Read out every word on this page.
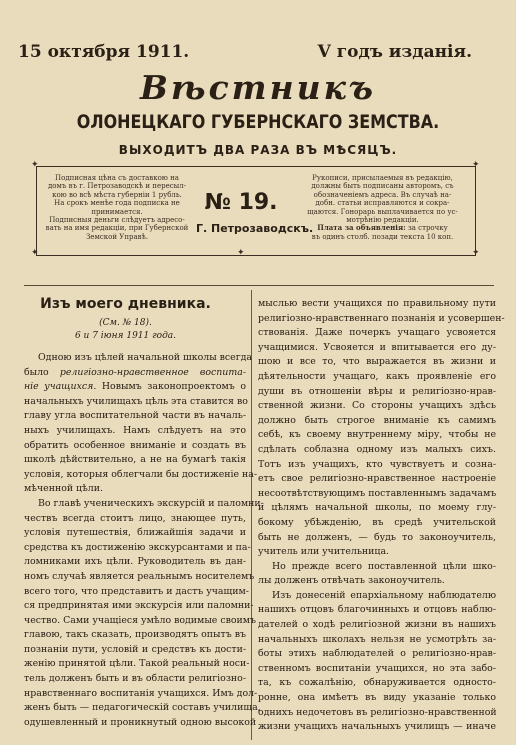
15 октября 1911.	V годъ изданія.
Вѣстникъ
ОЛОНЕЦКАГО ГУБЕРНСКАГО ЗЕМСТВА.
ВЫХОДИТЪ ДВА РАЗА ВЪ МѢСЯЦЪ.
✦	✦
✦	✦
✦
Подписная цѣна съ доставкою на
домъ въ г. Петрозаводскѣ и пересыл-
кою во всѣ мѣста губерніи 1 рубль.
На срокъ менѣе года подписка не
принимается.
Подписныя деньги слѣдуетъ адресо-
вать на имя редакціи, при Губернской
Земской Управѣ.
№ 19.
Г. Петрозаводскъ.
Рукописи, присылаемыя въ редакцію,
должны быть подписаны авторомъ, съ
обозначеніемъ адреса. Въ случаѣ на-
добн. статьи исправляются и сокра-
щаются. Гонорарь выплачивается по ус-
мотрѣнію редакціи.
Плата за объявленія: за строчку
въ одинъ столб. позади текста 10 коп.
Изъ моего дневника.
(См. № 18).
6 и 7 іюня 1911 года.
Одною изъ цѣлей начальной школы всегда
было религіозно-нравственное воспита-
ніе учащихся. Новымъ законопроектомъ о
начальныхъ училищахъ цѣль эта ставится во
главу угла воспитательной части въ началь-
ныхъ училищахъ. Намъ слѣдуетъ на это
обратить особенное вниманіе и создать въ
школѣ дѣйствительно, а не на бумагѣ такія
условія, которыя облегчали бы достиженіе на-
мѣченной цѣли.
Во главѣ ученическихъ экскурсій и паломни-
чествъ всегда стоитъ лицо, знающее путь,
условія путешествія, ближайшія задачи и
средства къ достиженію экскурсантами и па-
ломниками ихъ цѣли. Руководитель въ дан-
номъ случаѣ является реальнымъ носителемъ
всего того, что представитъ и дастъ учащим-
ся предпринятая ими экскурсія или паломни-
чество. Сами учащіеся умѣло водимые своимъ
главою, такъ сказать, производятъ опытъ въ
познаніи пути, условій и средствъ къ дости-
женію принятой цѣли. Такой реальный носи-
тель долженъ быть и въ области религіозно-
нравственнаго воспитанія учащихся. Имъ дол-
женъ быть — педагогическій составъ училища,
одушевленный и проникнутый одною высокой
мыслью вести учащихся по правильному пути
религіозно-нравственнаго познанія и усовершен-
ствованія. Даже почеркъ учащаго усвояется
учащимися. Усвояется и впитывается его ду-
шою и все то, что выражается въ жизни и
дѣятельности учащаго, какъ проявленіе его
души въ отношеніи вѣры и религіозно-нрав-
ственной жизни. Со стороны учащихъ здѣсь
должно быть строгое вниманіе къ самимъ
себѣ, къ своему внутреннему міру, чтобы не
сдѣлать соблазна одному изъ малыхъ сихъ.
Тотъ изъ учащихъ, кто чувствуетъ и созна-
етъ свое религіозно-нравственное настроеніе
несоотвѣтствующимъ поставленнымъ задачамъ
и цѣлямъ начальной школы, по моему глу-
бокому убѣжденію, въ средѣ учительской
быть не долженъ, — будь то законоучитель,
учитель или учительница.
Но прежде всего поставленной цѣли шко-
лы долженъ отвѣчать законоучитель.
Изъ донесеній епархіальному наблюдателю
нашихъ отцовъ благочинныхъ и отцовъ наблю-
дателей о ходѣ религіозной жизни въ нашихъ
начальныхъ школахъ нельзя не усмотрѣть за-
боты этихъ наблюдателей о религіозно-нрав-
ственномъ воспитаніи учащихся, но эта забо-
та, къ сожалѣнію, обнаруживается односто-
ронне, она имѣетъ въ виду указаніе только
однихъ недочетовъ въ религіозно-нравственной
жизни учащихъ начальныхъ училищъ — иначе
